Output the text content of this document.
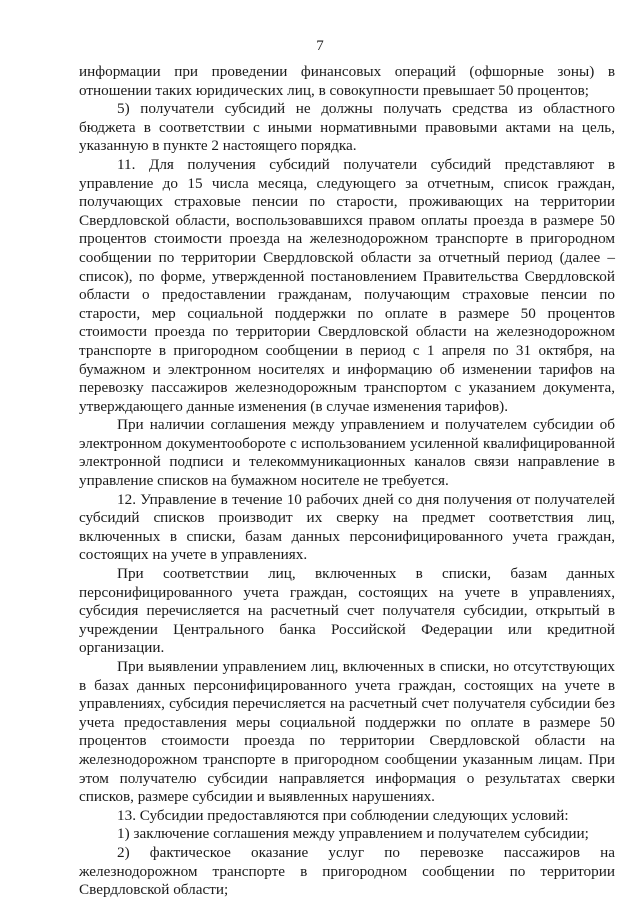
7

информации при проведении финансовых операций (офшорные зоны) в отношении таких юридических лиц, в совокупности превышает 50 процентов;

5) получатели субсидий не должны получать средства из областного бюджета в соответствии с иными нормативными правовыми актами на цель, указанную в пункте 2 настоящего порядка.

11. Для получения субсидий получатели субсидий представляют в управление до 15 числа месяца, следующего за отчетным, список граждан, получающих страховые пенсии по старости, проживающих на территории Свердловской области, воспользовавшихся правом оплаты проезда в размере 50 процентов стоимости проезда на железнодорожном транспорте в пригородном сообщении по территории Свердловской области за отчетный период (далее – список), по форме, утвержденной постановлением Правительства Свердловской области о предоставлении гражданам, получающим страховые пенсии по старости, мер социальной поддержки по оплате в размере 50 процентов стоимости проезда по территории Свердловской области на железнодорожном транспорте в пригородном сообщении в период с 1 апреля по 31 октября, на бумажном и электронном носителях и информацию об изменении тарифов на перевозку пассажиров железнодорожным транспортом с указанием документа, утверждающего данные изменения (в случае изменения тарифов).

При наличии соглашения между управлением и получателем субсидии об электронном документообороте с использованием усиленной квалифицированной электронной подписи и телекоммуникационных каналов связи направление в управление списков на бумажном носителе не требуется.

12. Управление в течение 10 рабочих дней со дня получения от получателей субсидий списков производит их сверку на предмет соответствия лиц, включенных в списки, базам данных персонифицированного учета граждан, состоящих на учете в управлениях.

При соответствии лиц, включенных в списки, базам данных персонифицированного учета граждан, состоящих на учете в управлениях, субсидия перечисляется на расчетный счет получателя субсидии, открытый в учреждении Центрального банка Российской Федерации или кредитной организации.

При выявлении управлением лиц, включенных в списки, но отсутствующих в базах данных персонифицированного учета граждан, состоящих на учете в управлениях, субсидия перечисляется на расчетный счет получателя субсидии без учета предоставления меры социальной поддержки по оплате в размере 50 процентов стоимости проезда по территории Свердловской области на железнодорожном транспорте в пригородном сообщении указанным лицам. При этом получателю субсидии направляется информация о результатах сверки списков, размере субсидии и выявленных нарушениях.

13. Субсидии предоставляются при соблюдении следующих условий:

1) заключение соглашения между управлением и получателем субсидии;

2) фактическое оказание услуг по перевозке пассажиров на железнодорожном транспорте в пригородном сообщении по территории Свердловской области;
